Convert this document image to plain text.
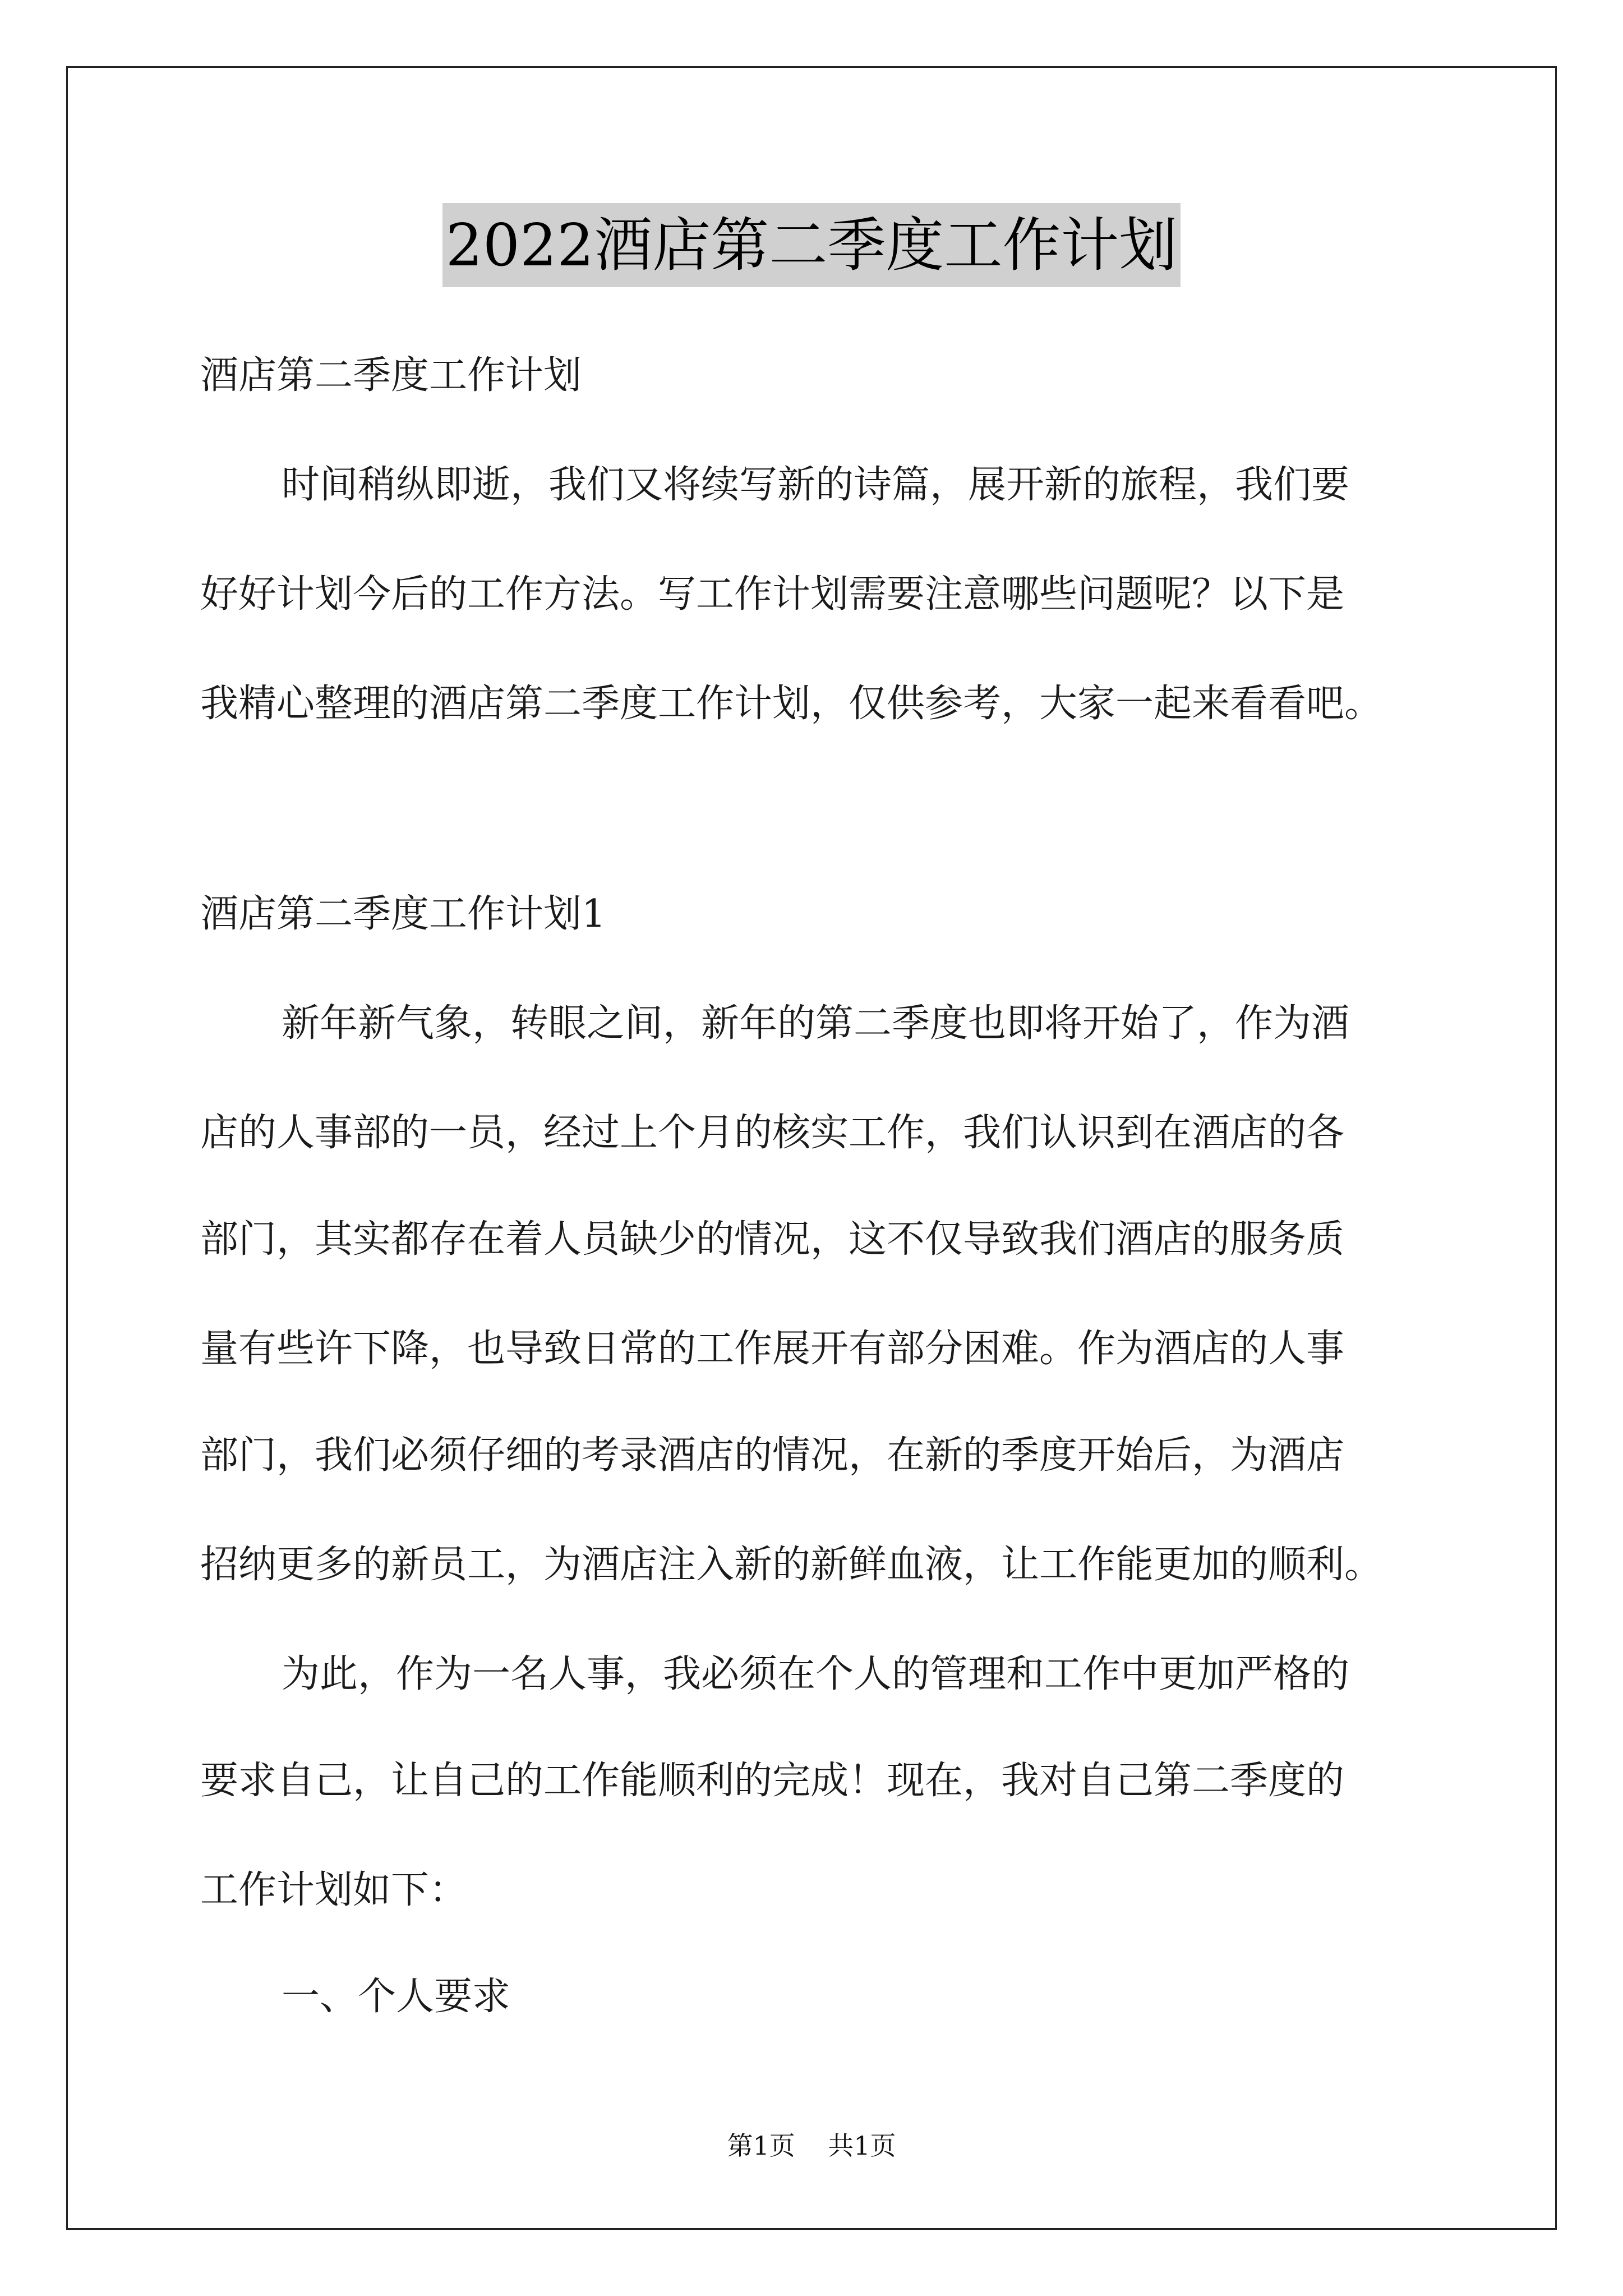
2022酒店第二季度工作计划
酒店第二季度工作计划
时间稍纵即逝，我们又将续写新的诗篇，展开新的旅程，我们要
好好计划今后的工作方法。写工作计划需要注意哪些问题呢？以下是
我精心整理的酒店第二季度工作计划，仅供参考，大家一起来看看吧。
酒店第二季度工作计划1
新年新气象，转眼之间，新年的第二季度也即将开始了，作为酒
店的人事部的一员，经过上个月的核实工作，我们认识到在酒店的各
部门，其实都存在着人员缺少的情况，这不仅导致我们酒店的服务质
量有些许下降，也导致日常的工作展开有部分困难。作为酒店的人事
部门，我们必须仔细的考录酒店的情况，在新的季度开始后，为酒店
招纳更多的新员工，为酒店注入新的新鲜血液，让工作能更加的顺利。
为此，作为一名人事，我必须在个人的管理和工作中更加严格的
要求自己，让自己的工作能顺利的完成！现在，我对自己第二季度的
工作计划如下：
一、个人要求
第1页 共1页
